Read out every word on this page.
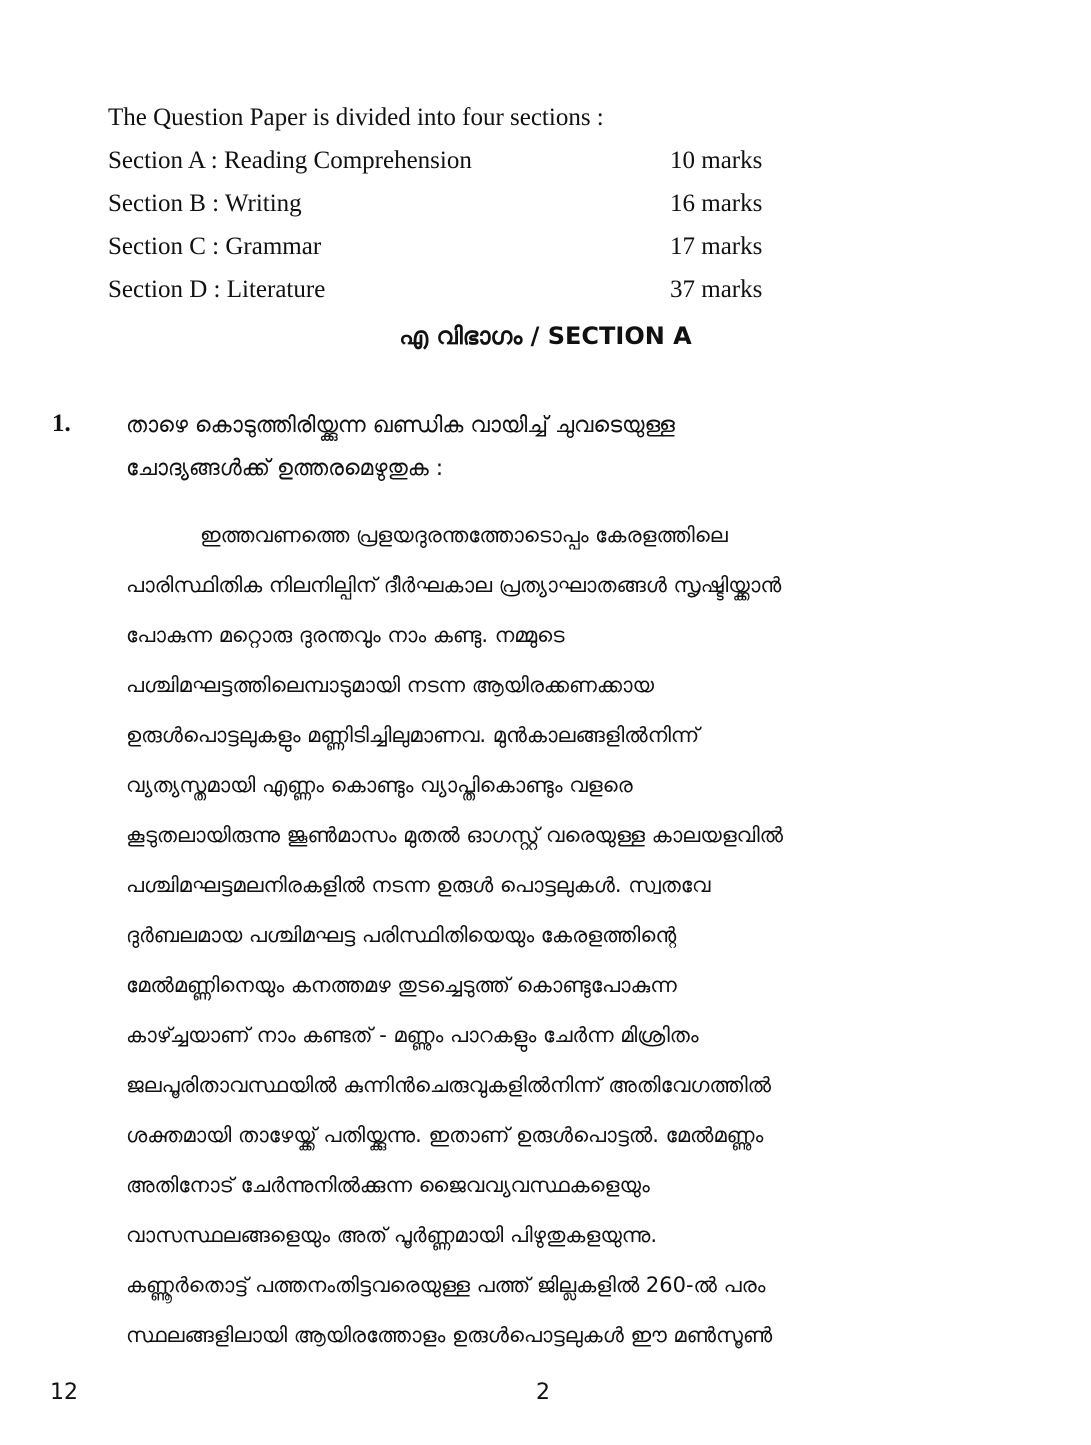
The Question Paper is divided into four sections :
Section A : Reading Comprehension	10 marks
Section B : Writing	16 marks
Section C : Grammar	17 marks
Section D : Literature	37 marks
എ വിഭാഗം / SECTION A
1.	താഴെ കൊടുത്തിരിയ്ക്കുന്ന ഖണ്ഡിക വായിച്ച് ചുവടെയുള്ള
ചോദ്യങ്ങൾക്ക് ഉത്തരമെഴുതുക :
ഇത്തവണത്തെ പ്രളയദുരന്തത്തോടൊപ്പം കേരളത്തിലെ
പാരിസ്ഥിതിക നിലനില്പിന് ദീർഘകാല പ്രത്യാഘാതങ്ങൾ സൃഷ്ടിയ്ക്കാൻ
പോകുന്ന മറ്റൊരു ദുരന്തവും നാം കണ്ടു. നമ്മുടെ
പശ്ചിമഘട്ടത്തിലെമ്പാടുമായി നടന്ന ആയിരക്കണക്കായ
ഉരുൾപൊട്ടലുകളും മണ്ണിടിച്ചിലുമാണവ. മുൻകാലങ്ങളിൽനിന്ന്
വ്യത്യസ്തമായി എണ്ണം കൊണ്ടും വ്യാപ്തികൊണ്ടും വളരെ
കൂടുതലായിരുന്നു ജൂൺമാസം മുതൽ ഓഗസ്റ്റ് വരെയുള്ള കാലയളവിൽ
പശ്ചിമഘട്ടമലനിരകളിൽ നടന്ന ഉരുൾ പൊട്ടലുകൾ. സ്വതവേ
ദുർബലമായ പശ്ചിമഘട്ട പരിസ്ഥിതിയെയും കേരളത്തിന്റെ
മേൽമണ്ണിനെയും കനത്തമഴ തുടച്ചെടുത്ത് കൊണ്ടുപോകുന്ന
കാഴ്ച്ചയാണ് നാം കണ്ടത് - മണ്ണും പാറകളും ചേർന്ന മിശ്രിതം
ജലപൂരിതാവസ്ഥയിൽ കുന്നിൻചെരുവുകളിൽനിന്ന് അതിവേഗത്തിൽ
ശക്തമായി താഴേയ്ക്ക് പതിയ്ക്കുന്നു. ഇതാണ് ഉരുൾപൊട്ടൽ. മേൽമണ്ണും
അതിനോട് ചേർന്നുനിൽക്കുന്ന ജൈവവ്യവസ്ഥകളെയും
വാസസ്ഥലങ്ങളെയും അത് പൂർണ്ണമായി പിഴുതുകളയുന്നു.
കണ്ണൂർതൊട്ട് പത്തനംതിട്ടവരെയുള്ള പത്ത് ജില്ലകളിൽ 260-ൽ പരം
സ്ഥലങ്ങളിലായി ആയിരത്തോളം ഉരുൾപൊട്ടലുകൾ ഈ മൺസൂൺ
12	2
